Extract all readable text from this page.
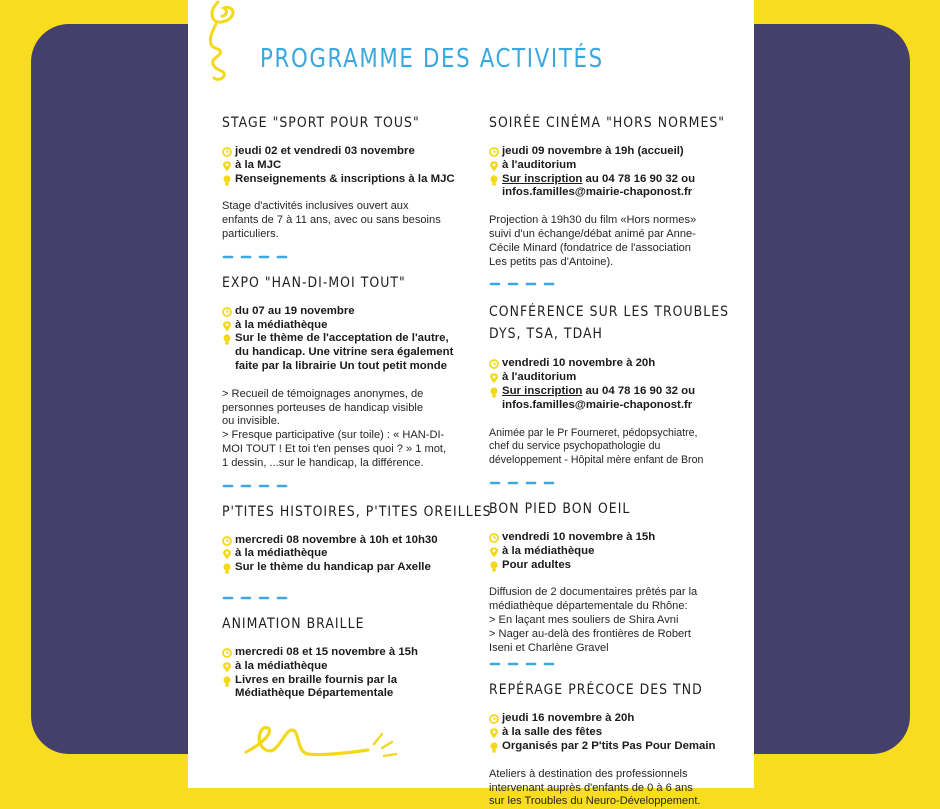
PROGRAMME DES ACTIVITÉS
STAGE "SPORT POUR TOUS"
jeudi 02 et vendredi 03 novembre
à la MJC
Renseignements & inscriptions à la MJC

Stage d'activités inclusives ouvert aux
enfants de 7 à 11 ans, avec ou sans besoins
particuliers.

EXPO "HAN-DI-MOI TOUT"
du 07 au 19 novembre
à la médiathèque
Sur le thème de l'acceptation de l'autre, du handicap. Une vitrine sera également faite par la librairie Un tout petit monde

> Recueil de témoignages anonymes, de
personnes porteuses de handicap visible
ou invisible.
> Fresque participative (sur toile) : « HAN-DI-
MOI TOUT ! Et toi t'en penses quoi ? » 1 mot,
1 dessin, ...sur le handicap, la différence.

P'TITES HISTOIRES, P'TITES OREILLES
mercredi 08 novembre à 10h et 10h30
à la médiathèque
Sur le thème du handicap par Axelle
ANIMATION BRAILLE
mercredi 08 et 15 novembre à 15h
à la médiathèque
Livres en braille fournis par la Médiathèque Départementale
SOIRÉE CINÉMA "HORS NORMES"
jeudi 09 novembre à 19h (accueil)
à l'auditorium
Sur inscription au 04 78 16 90 32 ou infos.familles@mairie-chaponost.fr

Projection à 19h30 du film «Hors normes»
suivi d'un échange/débat animé par Anne-
Cécile Minard (fondatrice de l'association
Les petits pas d'Antoine).

CONFÉRENCE SUR LES TROUBLES DYS, TSA, TDAH
vendredi 10 novembre à 20h
à l'auditorium
Sur inscription au 04 78 16 90 32 ou infos.familles@mairie-chaponost.fr

Animée par le Pr Fourneret, pédopsychiatre,
chef du service psychopathologie du
développement - Hôpital mère enfant de Bron

BON PIED BON OEIL
vendredi 10 novembre à 15h
à la médiathèque
Pour adultes

Diffusion de 2 documentaires prêtés par la
médiathèque départementale du Rhône:
> En laçant mes souliers de Shira Avni
> Nager au-delà des frontières de Robert
Iseni et Charlène Gravel

REPÉRAGE PRÉCOCE DES TND
jeudi 16 novembre à 20h
à la salle des fêtes
Organisés par 2 P'tits Pas Pour Demain

Ateliers à destination des professionnels
intervenant auprès d'enfants de 0 à 6 ans
sur les Troubles du Neuro-Développement.
